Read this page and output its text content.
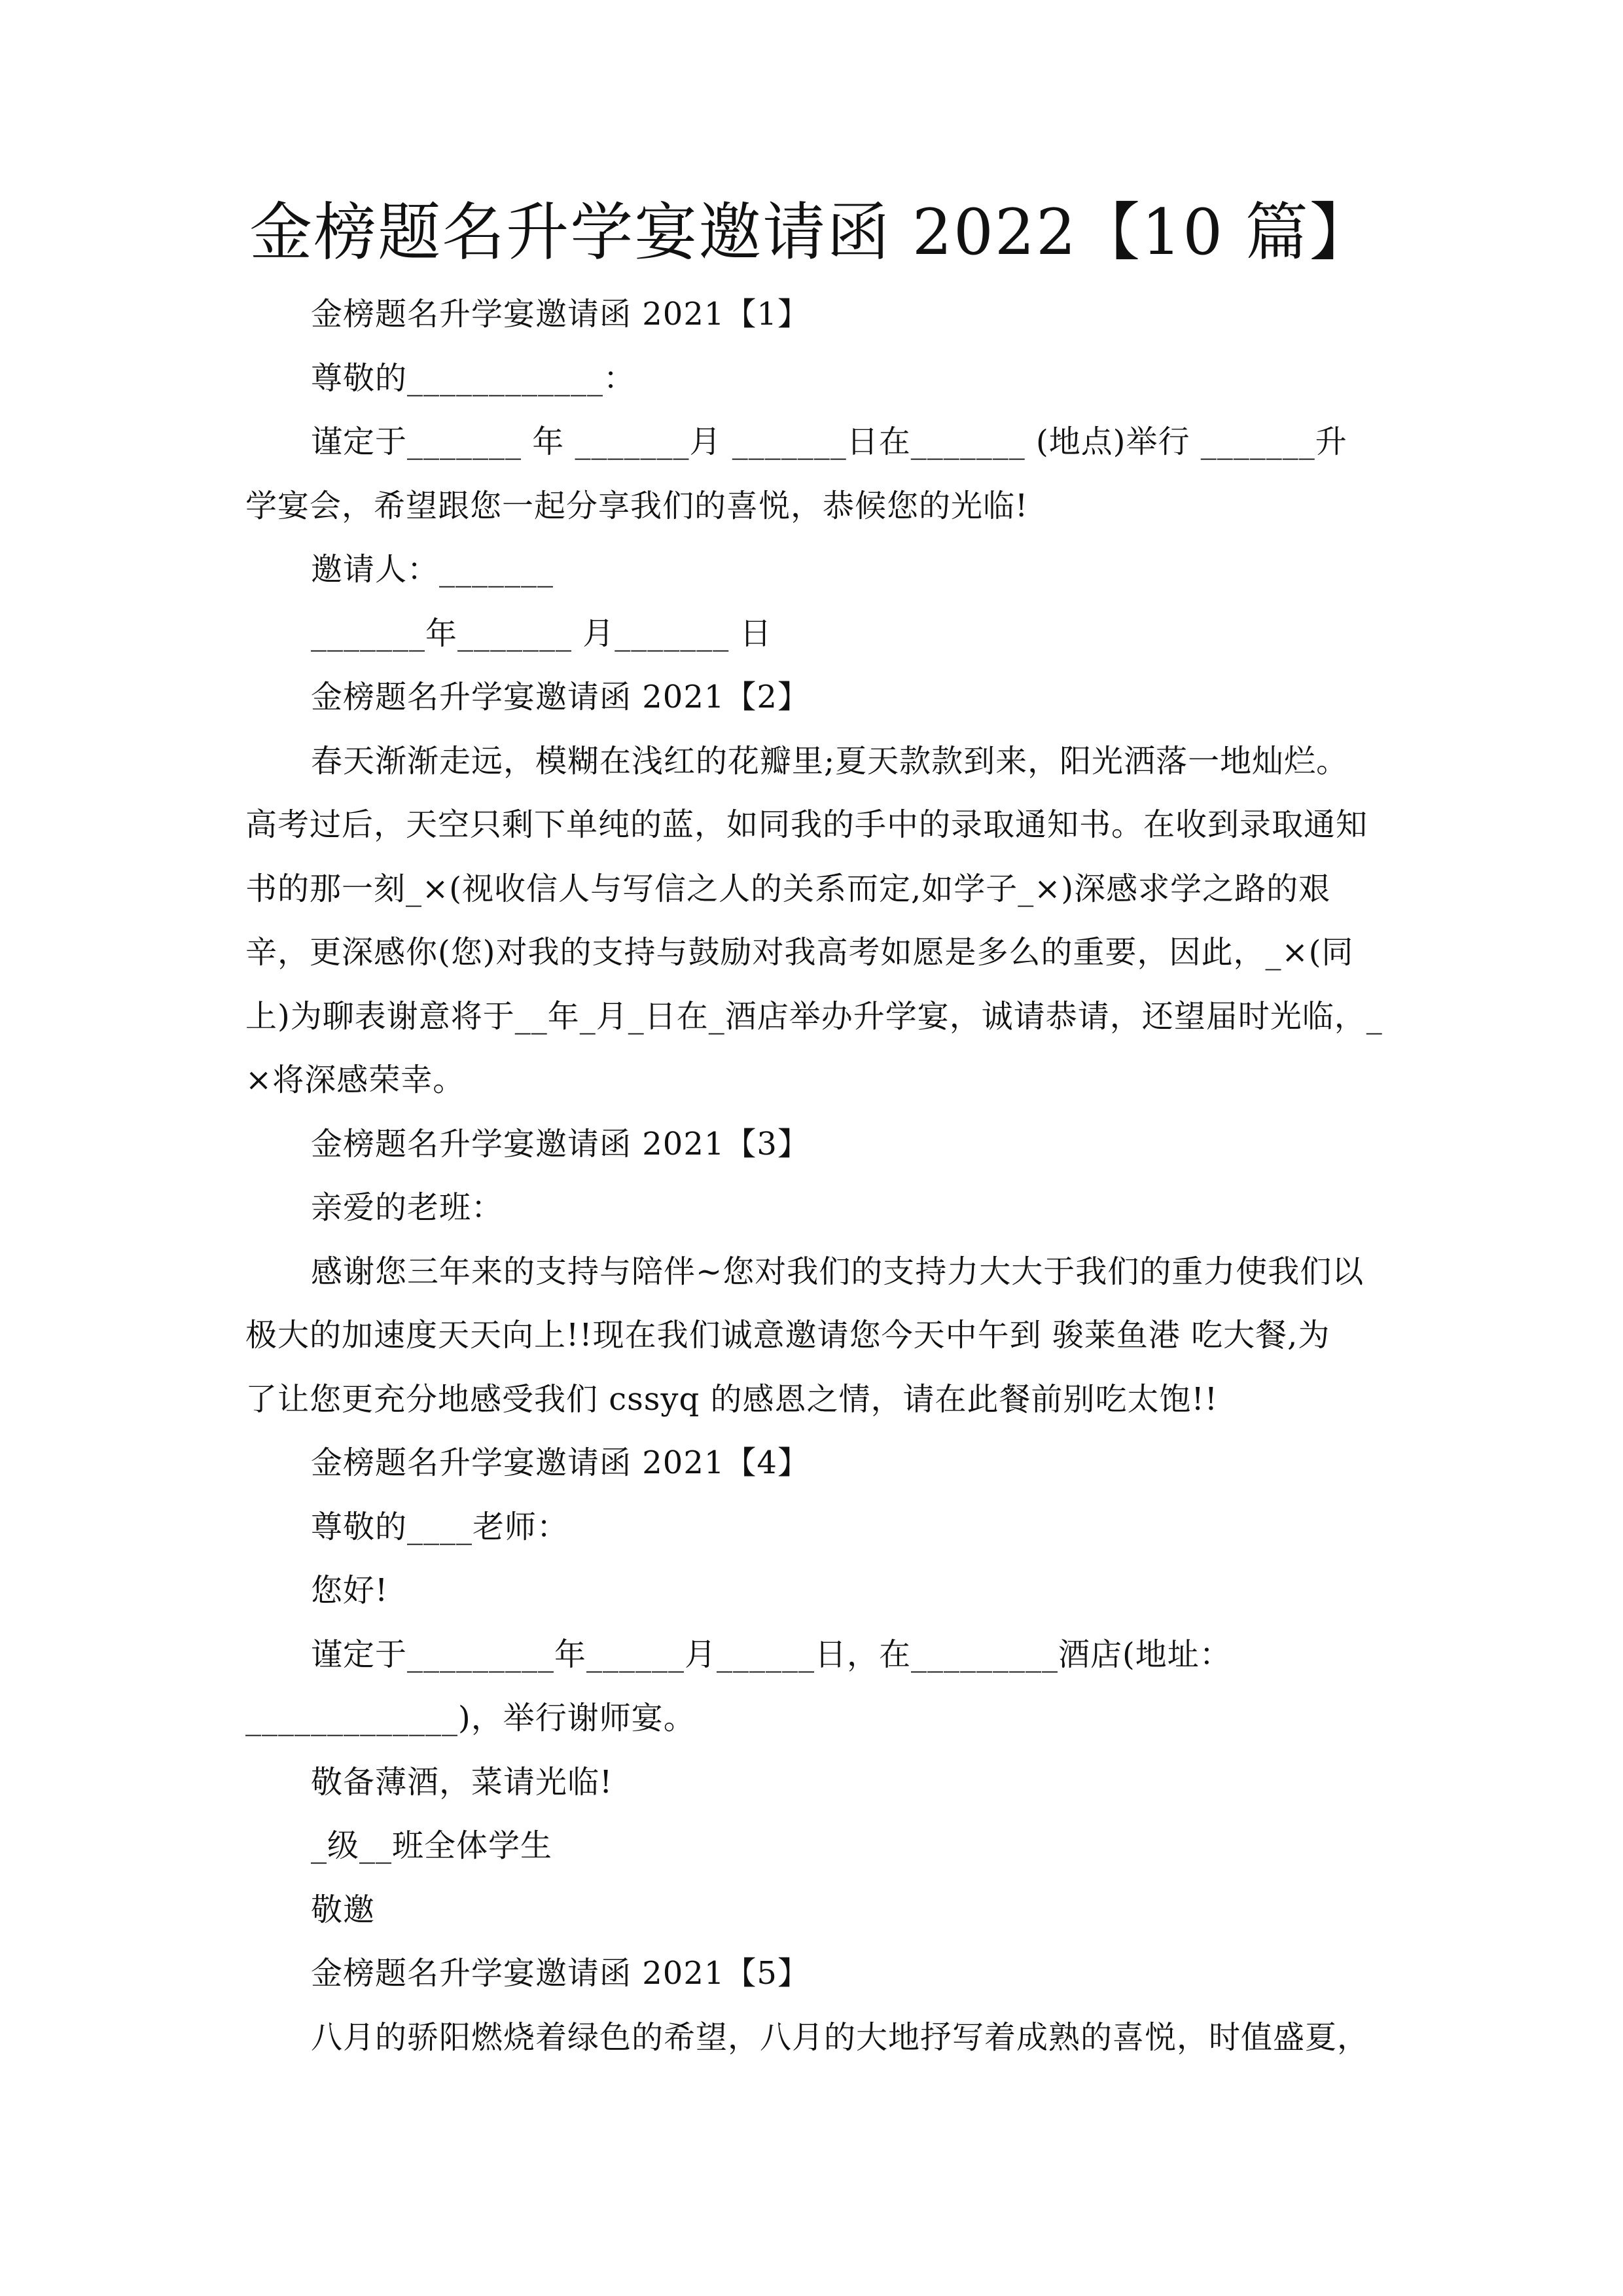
金榜题名升学宴邀请函 2022【10 篇】
金榜题名升学宴邀请函 2021【1】
尊敬的____________：
谨定于_______ 年 _______月 _______日在_______ (地点)举行 _______升
学宴会，希望跟您一起分享我们的喜悦，恭候您的光临!
邀请人：_______
_______年_______ 月_______ 日
金榜题名升学宴邀请函 2021【2】
春天渐渐走远，模糊在浅红的花瓣里;夏天款款到来，阳光洒落一地灿烂。
高考过后，天空只剩下单纯的蓝，如同我的手中的录取通知书。在收到录取通知
书的那一刻_×(视收信人与写信之人的关系而定,如学子_×)深感求学之路的艰
辛，更深感你(您)对我的支持与鼓励对我高考如愿是多么的重要，因此，_×(同
上)为聊表谢意将于__年_月_日在_酒店举办升学宴，诚请恭请，还望届时光临，_
×将深感荣幸。
金榜题名升学宴邀请函 2021【3】
亲爱的老班：
感谢您三年来的支持与陪伴~您对我们的支持力大大于我们的重力使我们以
极大的加速度天天向上!!现在我们诚意邀请您今天中午到 骏莱鱼港 吃大餐,为
了让您更充分地感受我们 cssyq 的感恩之情，请在此餐前别吃太饱!!
金榜题名升学宴邀请函 2021【4】
尊敬的____老师：
您好!
谨定于_________年______月______日，在_________酒店(地址：
_____________)，举行谢师宴。
敬备薄酒，菜请光临!
_级__班全体学生
敬邀
金榜题名升学宴邀请函 2021【5】
八月的骄阳燃烧着绿色的希望，八月的大地抒写着成熟的喜悦，时值盛夏，
